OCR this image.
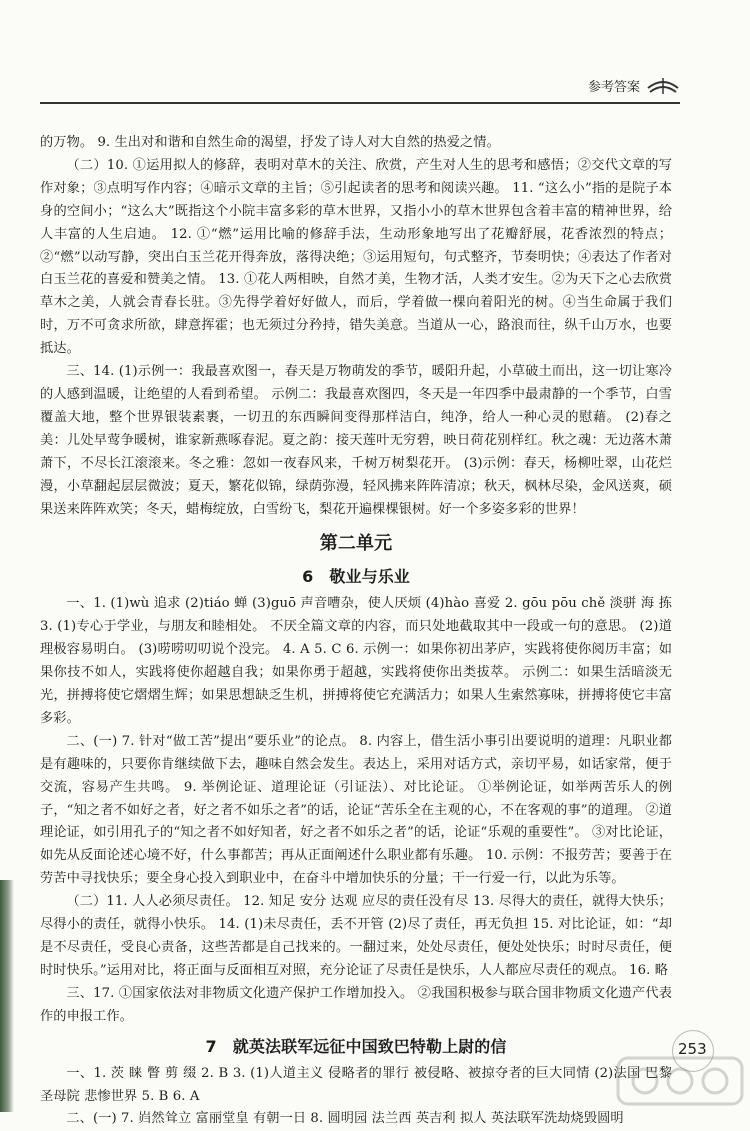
参考答案

的万物。 9. 生出对和谐和自然生命的渴望，抒发了诗人对大自然的热爱之情。

（二）10. ①运用拟人的修辞，表明对草木的关注、欣赏，产生对人生的思考和感悟；②交代文章的写作对象；③点明写作内容；④暗示文章的主旨；⑤引起读者的思考和阅读兴趣。 11. “这么小”指的是院子本身的空间小；“这么大”既指这个小院丰富多彩的草木世界，又指小小的草木世界包含着丰富的精神世界，给人丰富的人生启迪。 12. ①“燃”运用比喻的修辞手法，生动形象地写出了花瓣舒展，花香浓烈的特点；②“燃”以动写静，突出白玉兰花开得奔放，落得决绝；③运用短句，句式整齐，节奏明快；④表达了作者对白玉兰花的喜爱和赞美之情。 13. ①花人两相映，自然才美，生物才活，人类才安生。②为天下之心去欣赏草木之美，人就会青春长驻。③先得学着好好做人，而后，学着做一棵向着阳光的树。④当生命属于我们时，万不可贪求所欲，肆意挥霍；也无须过分矜持，错失美意。当道从一心，路浪而往，纵千山万水，也要抵达。

三、14. (1)示例一：我最喜欢图一，春天是万物萌发的季节，暖阳升起，小草破土而出，这一切让寒冷的人感到温暖，让绝望的人看到希望。 示例二：我最喜欢图四，冬天是一年四季中最肃静的一个季节，白雪覆盖大地，整个世界银装素裹，一切丑的东西瞬间变得那样洁白，纯净，给人一种心灵的慰藉。 (2)春之美：儿处早莺争暖树，谁家新燕啄春泥。夏之韵：接天莲叶无穷碧，映日荷花别样红。秋之魂：无边落木萧萧下，不尽长江滚滚来。冬之雅：忽如一夜春风来，千树万树梨花开。 (3)示例：春天，杨柳吐翠，山花烂漫，小草翻起层层微波；夏天，繁花似锦，绿荫弥漫，轻风拂来阵阵清凉；秋天，枫林尽染，金风送爽，硕果送来阵阵欢笑；冬天，蜡梅绽放，白雪纷飞，梨花开遍棵棵银树。好一个多姿多彩的世界！

第二单元
6　敬业与乐业

一、1. (1)wù 追求 (2)tiáo 蝉 (3)guō 声音嘈杂，使人厌烦 (4)hào 喜爱 2. gōu pōu chě 淡骈 海 拣 3. (1)专心于学业，与朋友和睦相处。 不厌全篇文章的内容，而只处地截取其中一段或一句的意思。 (2)道理极容易明白。 (3)唠唠叨叨说个没完。 4. A 5. C 6. 示例一：如果你初出茅庐，实践将使你阅历丰富；如果你技不如人，实践将使你超越自我；如果你勇于超越，实践将使你出类拔萃。 示例二：如果生活暗淡无光，拼搏将使它熠熠生辉；如果思想缺乏生机，拼搏将使它充满活力；如果人生索然寡味，拼搏将使它丰富多彩。

二、(一) 7. 针对“做工苦”提出“要乐业”的论点。 8. 内容上，借生活小事引出要说明的道理：凡职业都是有趣味的，只要你肯继续做下去，趣味自然会发生。表达上，采用对话方式，亲切平易，如话家常，便于交流，容易产生共鸣。 9. 举例论证、道理论证（引证法）、对比论证。 ①举例论证，如举两苦乐人的例子，“知之者不如好之者，好之者不如乐之者”的话，论证“苦乐全在主观的心，不在客观的事”的道理。 ②道理论证，如引用孔子的“知之者不如好知者，好之者不如乐之者”的话，论证“乐观的重要性”。 ③对比论证，如先从反面论述心境不好，什么事都苦；再从正面阐述什么职业都有乐趣。 10. 示例：不报劳苦；要善于在劳苦中寻找快乐；要全身心投入到职业中，在奋斗中增加快乐的分量；干一行爱一行，以此为乐等。

（二）11. 人人必须尽责任。 12. 知足 安分 达观 应尽的责任没有尽 13. 尽得大的责任，就得大快乐；尽得小的责任，就得小快乐。 14. (1)未尽责任，丢不开管 (2)尽了责任，再无负担 15. 对比论证，如：“却是不尽责任，受良心责备，这些苦都是自己找来的。一翻过来，处处尽责任，便处处快乐；时时尽责任，便时时快乐。”运用对比，将正面与反面相互对照，充分论证了尽责任是快乐，人人都应尽责任的观点。 16. 略

三、17. ①国家依法对非物质文化遗产保护工作增加投入。 ②我国积极参与联合国非物质文化遗产代表作的申报工作。

7　就英法联军远征中国致巴特勒上尉的信

一、1. 茨 睐 瞥 剪 缀 2. B 3. (1)人道主义 侵略者的罪行 被侵略、被掠夺者的巨大同情 (2)法国 巴黎圣母院 悲惨世界 5. B 6. A

二、(一) 7. 岿然耸立 富丽堂皇 有朝一日 8. 圆明园 法兰西 英吉利 拟人 英法联军洗劫烧毁圆明

253
